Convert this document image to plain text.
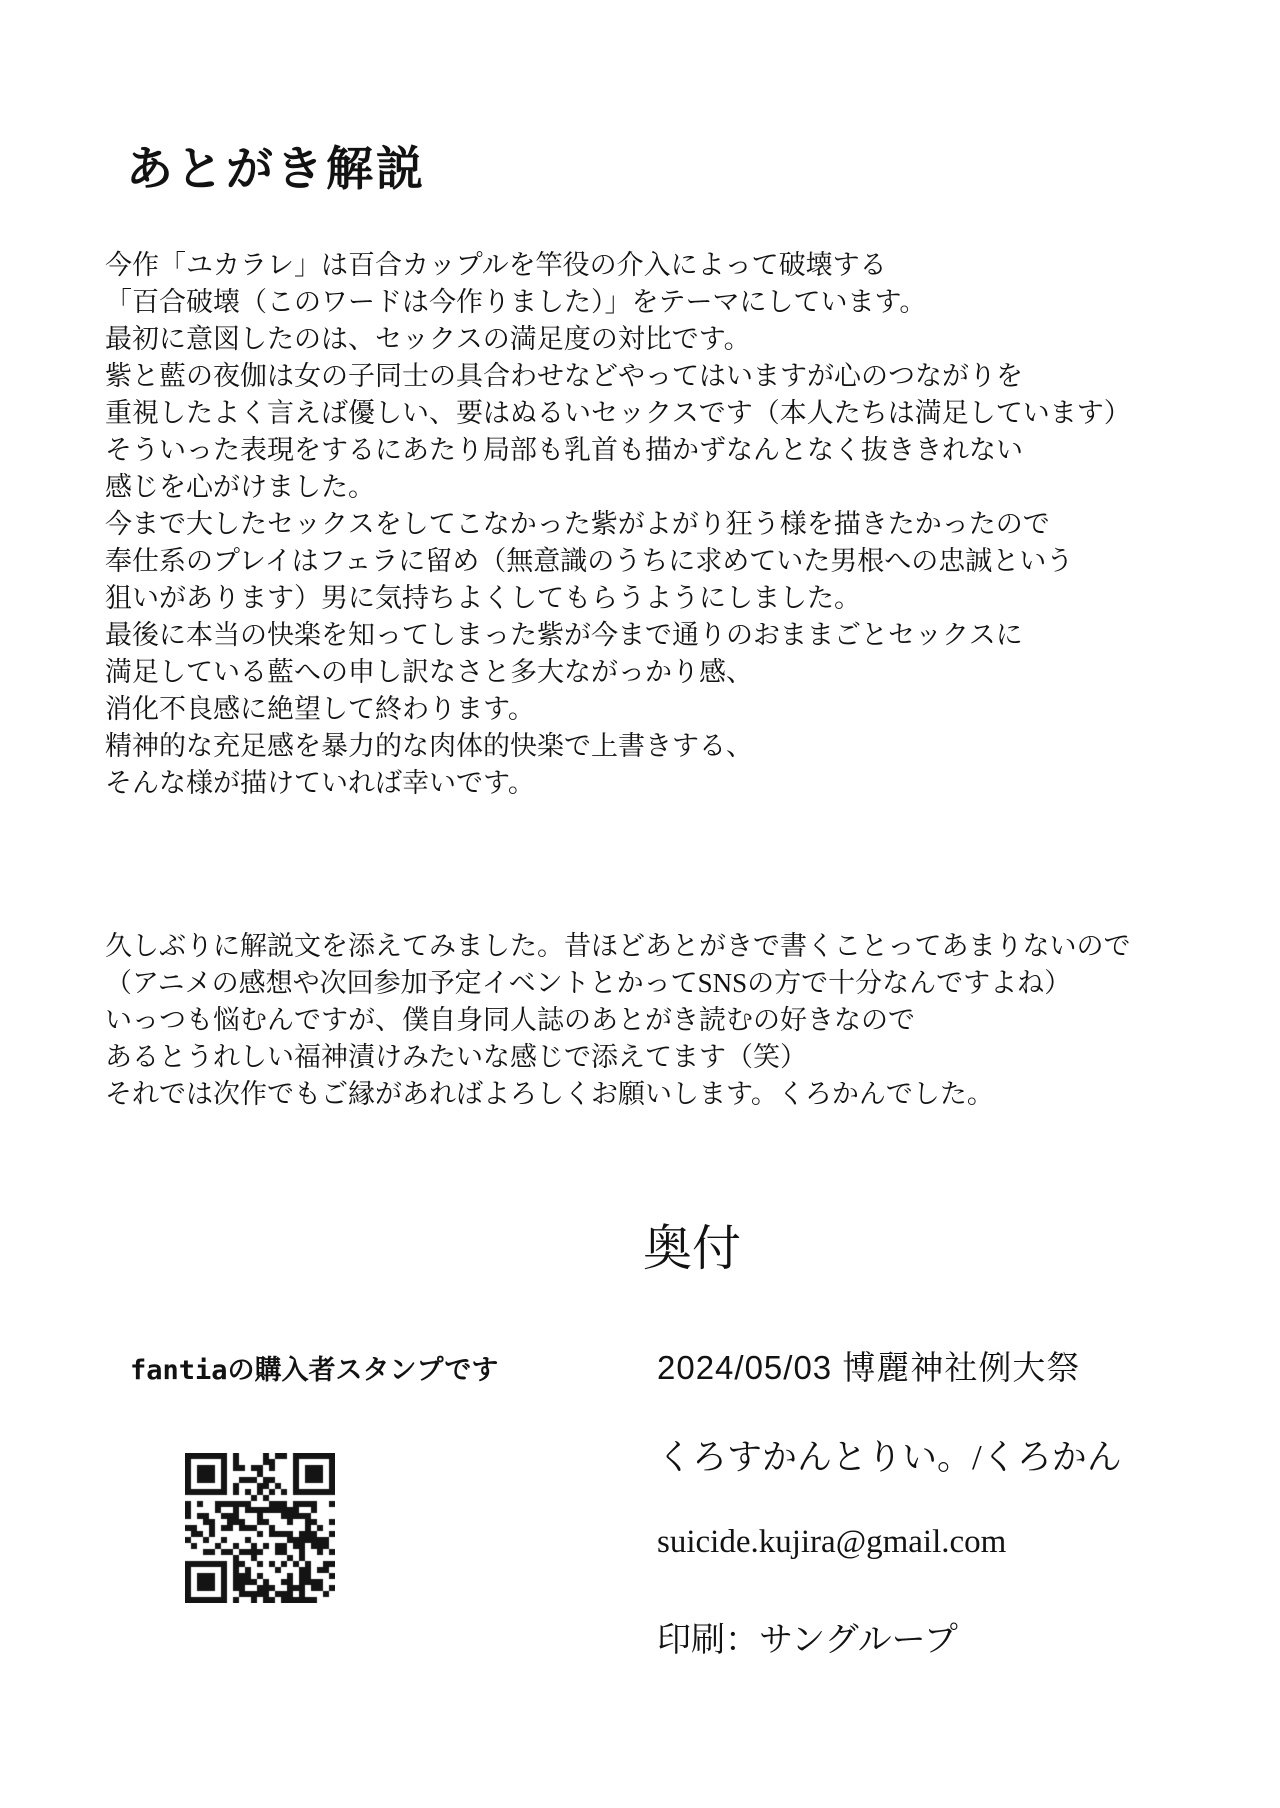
あとがき解説
今作「ユカラレ」は百合カップルを竿役の介入によって破壊する
「百合破壊（このワードは今作りました）」をテーマにしています。
最初に意図したのは、セックスの満足度の対比です。
紫と藍の夜伽は女の子同士の具合わせなどやってはいますが心のつながりを
重視したよく言えば優しい、要はぬるいセックスです（本人たちは満足しています）
そういった表現をするにあたり局部も乳首も描かずなんとなく抜ききれない
感じを心がけました。
今まで大したセックスをしてこなかった紫がよがり狂う様を描きたかったので
奉仕系のプレイはフェラに留め（無意識のうちに求めていた男根への忠誠という
狙いがあります）男に気持ちよくしてもらうようにしました。
最後に本当の快楽を知ってしまった紫が今まで通りのおままごとセックスに
満足している藍への申し訳なさと多大ながっかり感、
消化不良感に絶望して終わります。
精神的な充足感を暴力的な肉体的快楽で上書きする、
そんな様が描けていれば幸いです。
久しぶりに解説文を添えてみました。昔ほどあとがきで書くことってあまりないので
（アニメの感想や次回参加予定イベントとかってSNSの方で十分なんですよね）
いっつも悩むんですが、僕自身同人誌のあとがき読むの好きなので
あるとうれしい福神漬けみたいな感じで添えてます（笑）
それでは次作でもご縁があればよろしくお願いします。くろかんでした。
奥付
fantiaの購入者スタンプです	2024/05/03 博麗神社例大祭
くろすかんとりい。/くろかん
suicide.kujira@gmail.com
印刷：サングループ
